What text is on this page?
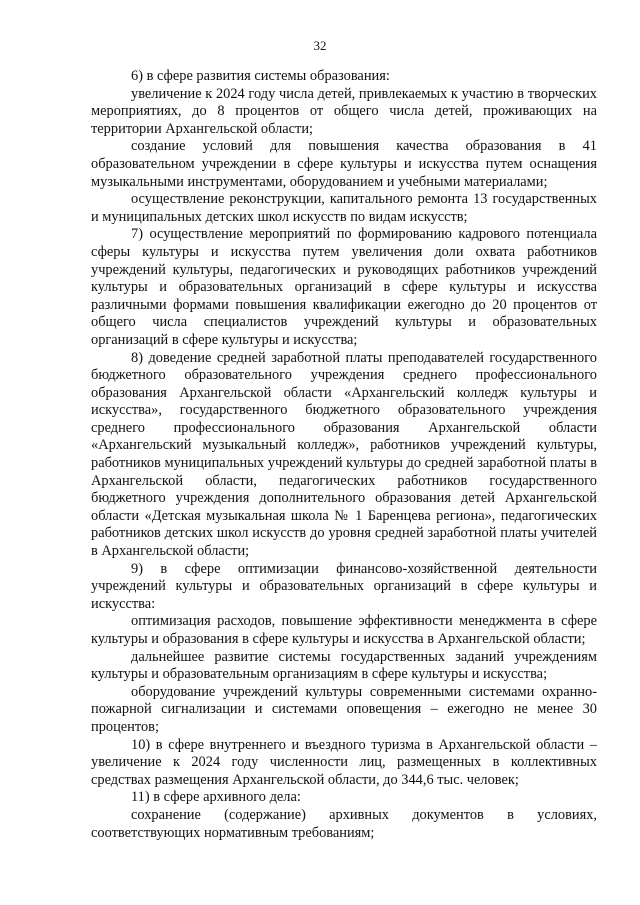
32

6) в сфере развития системы образования:

увеличение к 2024 году числа детей, привлекаемых к участию в творческих мероприятиях, до 8 процентов от общего числа детей, проживающих на территории Архангельской области;

создание условий для повышения качества образования в 41 образовательном учреждении в сфере культуры и искусства путем оснащения музыкальными инструментами, оборудованием и учебными материалами;

осуществление реконструкции, капитального ремонта 13 государственных и муниципальных детских школ искусств по видам искусств;

7) осуществление мероприятий по формированию кадрового потенциала сферы культуры и искусства путем увеличения доли охвата работников учреждений культуры, педагогических и руководящих работников учреждений культуры и образовательных организаций в сфере культуры и искусства различными формами повышения квалификации ежегодно до 20 процентов от общего числа специалистов учреждений культуры и образовательных организаций в сфере культуры и искусства;

8) доведение средней заработной платы преподавателей государственного бюджетного образовательного учреждения среднего профессионального образования Архангельской области «Архангельский колледж культуры и искусства», государственного бюджетного образовательного учреждения среднего профессионального образования Архангельской области «Архангельский музыкальный колледж», работников учреждений культуры, работников муниципальных учреждений культуры до средней заработной платы в Архангельской области, педагогических работников государственного бюджетного учреждения дополнительного образования детей Архангельской области «Детская музыкальная школа № 1 Баренцева региона», педагогических работников детских школ искусств до уровня средней заработной платы учителей в Архангельской области;

9) в сфере оптимизации финансово-хозяйственной деятельности учреждений культуры и образовательных организаций в сфере культуры и искусства:

оптимизация расходов, повышение эффективности менеджмента в сфере культуры и образования в сфере культуры и искусства в Архангельской области;

дальнейшее развитие системы государственных заданий учреждениям культуры и образовательным организациям в сфере культуры и искусства;

оборудование учреждений культуры современными системами охранно-пожарной сигнализации и системами оповещения – ежегодно не менее 30 процентов;

10) в сфере внутреннего и въездного туризма в Архангельской области – увеличение к 2024 году численности лиц, размещенных в коллективных средствах размещения Архангельской области, до 344,6 тыс. человек;

11) в сфере архивного дела:

сохранение (содержание) архивных документов в условиях, соответствующих нормативным требованиям;
